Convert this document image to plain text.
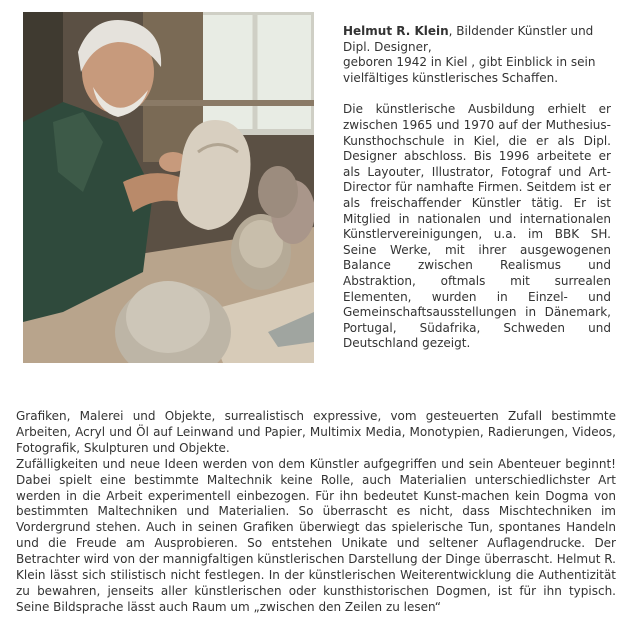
Helmut R. Klein, Bildender Künstler und Dipl. Designer,
geboren 1942 in Kiel , gibt Einblick in sein vielfältiges künstlerisches Schaffen.

Die künstlerische Ausbildung erhielt er zwischen 1965 und 1970 auf der Muthesius-Kunsthochschule in Kiel, die er als Dipl. Designer abschloss. Bis 1996 arbeitete er als Layouter, Illustrator, Fotograf und Art-Director für namhafte Firmen. Seitdem ist er als freischaffender Künstler tätig. Er ist Mitglied in nationalen und internationalen Künstlervereinigungen, u.a. im BBK SH. Seine Werke, mit ihrer ausgewogenen Balance zwischen Realismus und Abstraktion, oftmals mit surrealen Elementen, wurden in Einzel- und Gemeinschaftsausstellungen in Dänemark, Portugal, Südafrika, Schweden und Deutschland gezeigt.

Grafiken, Malerei und Objekte, surrealistisch expressive, vom gesteuerten Zufall bestimmte Arbeiten, Acryl und Öl auf Leinwand und Papier, Multimix Media, Monotypien, Radierungen, Videos, Fotografik, Skulpturen und Objekte.

Zufälligkeiten und neue Ideen werden von dem Künstler aufgegriffen und sein Abenteuer beginnt! Dabei spielt eine bestimmte Maltechnik keine Rolle, auch Materialien unterschiedlichster Art werden in die Arbeit experimentell einbezogen. Für ihn bedeutet Kunst-machen kein Dogma von bestimmten Maltechniken und Materialien. So überrascht es nicht, dass Mischtechniken im Vordergrund stehen. Auch in seinen Grafiken überwiegt das spielerische Tun, spontanes Handeln und die Freude am Ausprobieren. So entstehen Unikate und seltener Auflagendrucke. Der Betrachter wird von der mannigfaltigen künstlerischen Darstellung der Dinge überrascht. Helmut R. Klein lässt sich stilistisch nicht festlegen. In der künstlerischen Weiterentwicklung die Authentizität zu bewahren, jenseits aller künstlerischen oder kunsthistorischen Dogmen, ist für ihn typisch. Seine Bildsprache lässt auch Raum um „zwischen den Zeilen zu lesen“
